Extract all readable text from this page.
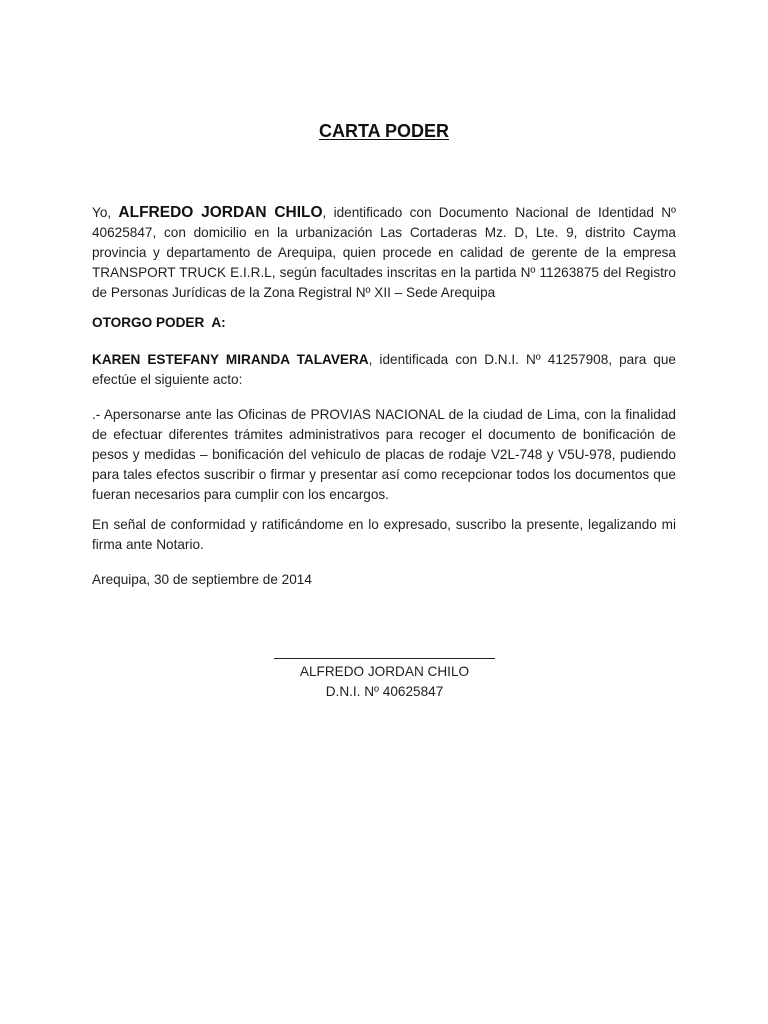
CARTA PODER
Yo, ALFREDO JORDAN CHILO, identificado con Documento Nacional de Identidad Nº 40625847, con domicilio en la urbanización Las Cortaderas Mz. D, Lte. 9, distrito Cayma provincia y departamento de Arequipa, quien procede en calidad de gerente de la empresa TRANSPORT TRUCK E.I.R.L, según facultades inscritas en la partida Nº 11263875 del Registro de Personas Jurídicas de la Zona Registral Nº XII – Sede Arequipa
OTORGO PODER  A:
KAREN ESTEFANY MIRANDA TALAVERA, identificada con D.N.I. Nº 41257908, para que efectúe el siguiente acto:
.- Apersonarse ante las Oficinas de PROVIAS NACIONAL de la ciudad de Lima, con la finalidad de efectuar diferentes trámites administrativos para recoger el documento de bonificación de pesos y medidas – bonificación del vehiculo de placas de rodaje V2L-748 y V5U-978, pudiendo para tales efectos suscribir o firmar y presentar así como recepcionar todos los documentos que fueran necesarios para cumplir con los encargos.
En señal de conformidad y ratificándome en lo expresado, suscribo la presente, legalizando mi firma ante Notario.
Arequipa, 30 de septiembre de 2014
ALFREDO JORDAN CHILO
D.N.I. Nº 40625847
